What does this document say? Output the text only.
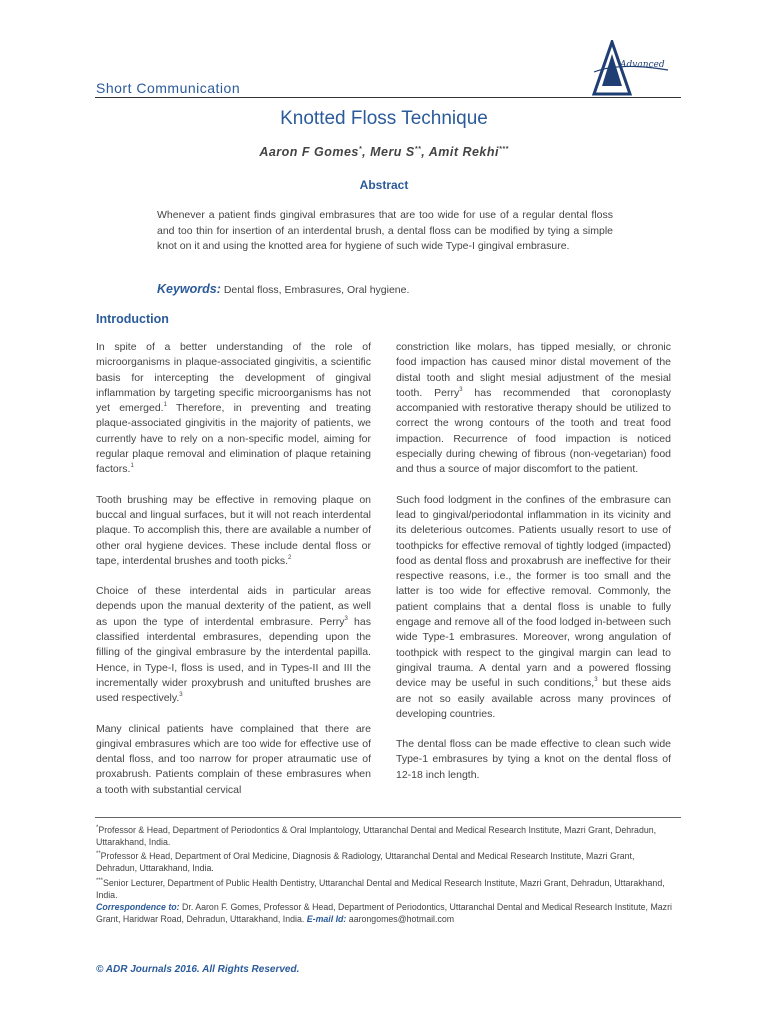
Advanced
Short Communication
Knotted Floss Technique
Aaron F Gomes*, Meru S**, Amit Rekhi***
Abstract
Whenever a patient finds gingival embrasures that are too wide for use of a regular dental floss and too thin for insertion of an interdental brush, a dental floss can be modified by tying a simple knot on it and using the knotted area for hygiene of such wide Type-I gingival embrasure.
Keywords: Dental floss, Embrasures, Oral hygiene.
Introduction

In spite of a better understanding of the role of microorganisms in plaque-associated gingivitis, a scientific basis for intercepting the development of gingival inflammation by targeting specific microorganisms has not yet emerged.$^1$ Therefore, in preventing and treating plaque-associated gingivitis in the majority of patients, we currently have to rely on a non-specific model, aiming for regular plaque removal and elimination of plaque retaining factors.$^1$

Tooth brushing may be effective in removing plaque on buccal and lingual surfaces, but it will not reach interdental plaque. To accomplish this, there are available a number of other oral hygiene devices. These include dental floss or tape, interdental brushes and tooth picks.$^2$

Choice of these interdental aids in particular areas depends upon the manual dexterity of the patient, as well as upon the type of interdental embrasure. Perry$^3$ has classified interdental embrasures, depending upon the filling of the gingival embrasure by the interdental papilla. Hence, in Type-I, floss is used, and in Types-II and III the incrementally wider proxybrush and unitufted brushes are used respectively.$^3$

Many clinical patients have complained that there are gingival embrasures which are too wide for effective use of dental floss, and too narrow for proper atraumatic use of proxabrush. Patients complain of these embrasures when a tooth with substantial cervical

constriction like molars, has tipped mesially, or chronic food impaction has caused minor distal movement of the distal tooth and slight mesial adjustment of the mesial tooth. Perry$^3$ has recommended that coronoplasty accompanied with restorative therapy should be utilized to correct the wrong contours of the tooth and treat food impaction. Recurrence of food impaction is noticed especially during chewing of fibrous (non-vegetarian) food and thus a source of major discomfort to the patient.

Such food lodgment in the confines of the embrasure can lead to gingival/periodontal inflammation in its vicinity and its deleterious outcomes. Patients usually resort to use of toothpicks for effective removal of tightly lodged (impacted) food as dental floss and proxabrush are ineffective for their respective reasons, i.e., the former is too small and the latter is too wide for effective removal. Commonly, the patient complains that a dental floss is unable to fully engage and remove all of the food lodged in-between such wide Type-1 embrasures. Moreover, wrong angulation of toothpick with respect to the gingival margin can lead to gingival trauma. A dental yarn and a powered flossing device may be useful in such conditions,$^3$ but these aids are not so easily available across many provinces of developing countries.

The dental floss can be made effective to clean such wide Type-1 embrasures by tying a knot on the dental floss of 12-18 inch length.

*Professor & Head, Department of Periodontics & Oral Implantology, Uttaranchal Dental and Medical Research Institute, Mazri Grant, Dehradun, Uttarakhand, India.

**Professor & Head, Department of Oral Medicine, Diagnosis & Radiology, Uttaranchal Dental and Medical Research Institute, Mazri Grant, Dehradun, Uttarakhand, India.

***Senior Lecturer, Department of Public Health Dentistry, Uttaranchal Dental and Medical Research Institute, Mazri Grant, Dehradun, Uttarakhand, India.

Correspondence to: Dr. Aaron F. Gomes, Professor & Head, Department of Periodontics, Uttaranchal Dental and Medical Research Institute, Mazri Grant, Haridwar Road, Dehradun, Uttarakhand, India. E-mail Id: aarongomes@hotmail.com

© ADR Journals 2016. All Rights Reserved.
